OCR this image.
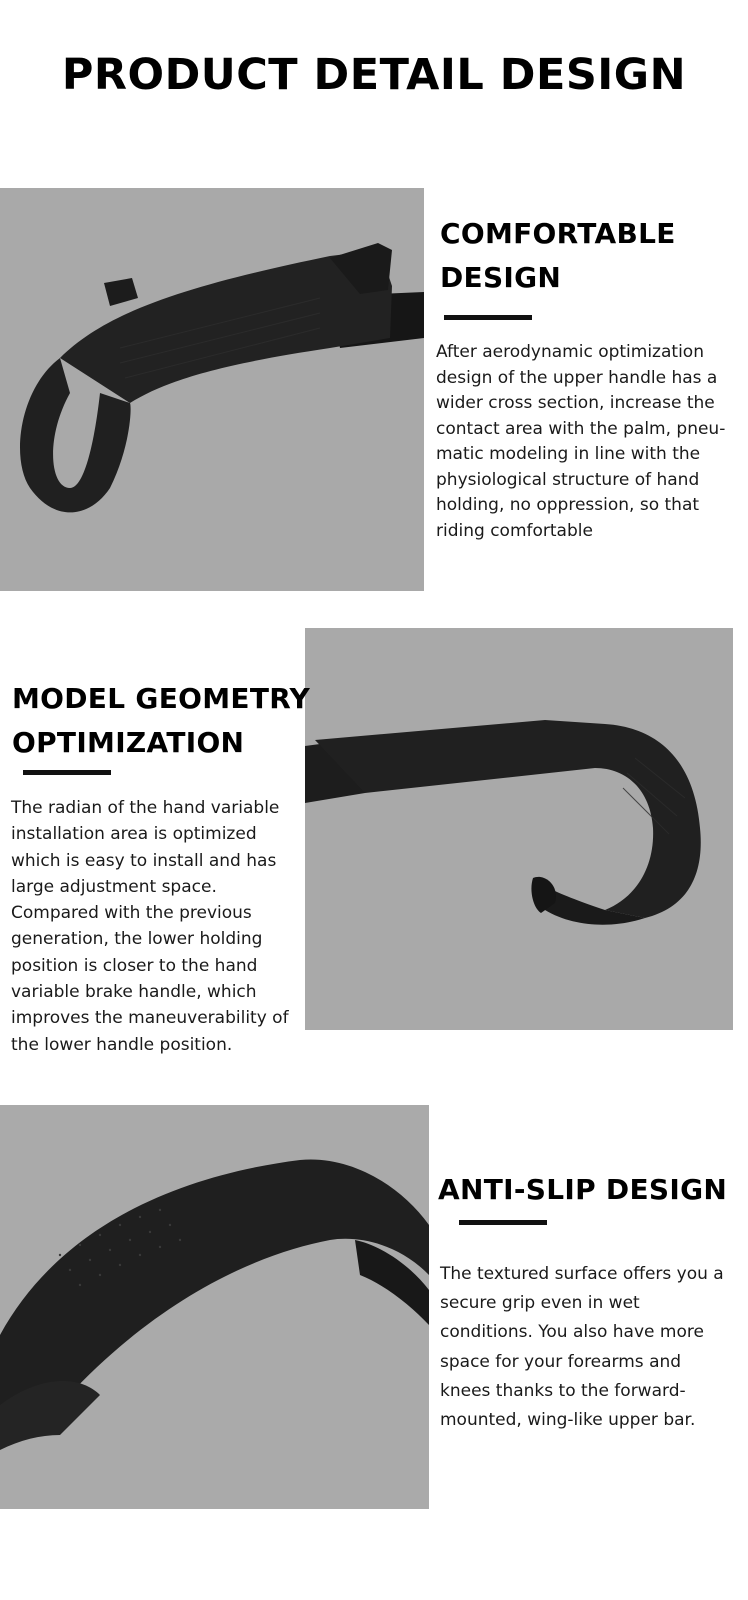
PRODUCT DETAIL DESIGN
COMFORTABLE
DESIGN

After aerodynamic optimization design of the upper handle has a wider cross section, increase the contact area with the palm, pneu-matic modeling in line with the physiological structure of hand holding, no oppression, so that riding comfortable

MODEL GEOMETRY
OPTIMIZATION

The radian of the hand variable installation area is optimized which is easy to install and has large adjustment space. Compared with the previous generation, the lower holding position is closer to the hand variable brake handle, which improves the maneuverability of the lower handle position.

ANTI-SLIP DESIGN

The textured surface offers you a secure grip even in wet conditions. You also have more space for your forearms and knees thanks to the forward-mounted, wing-like upper bar.
